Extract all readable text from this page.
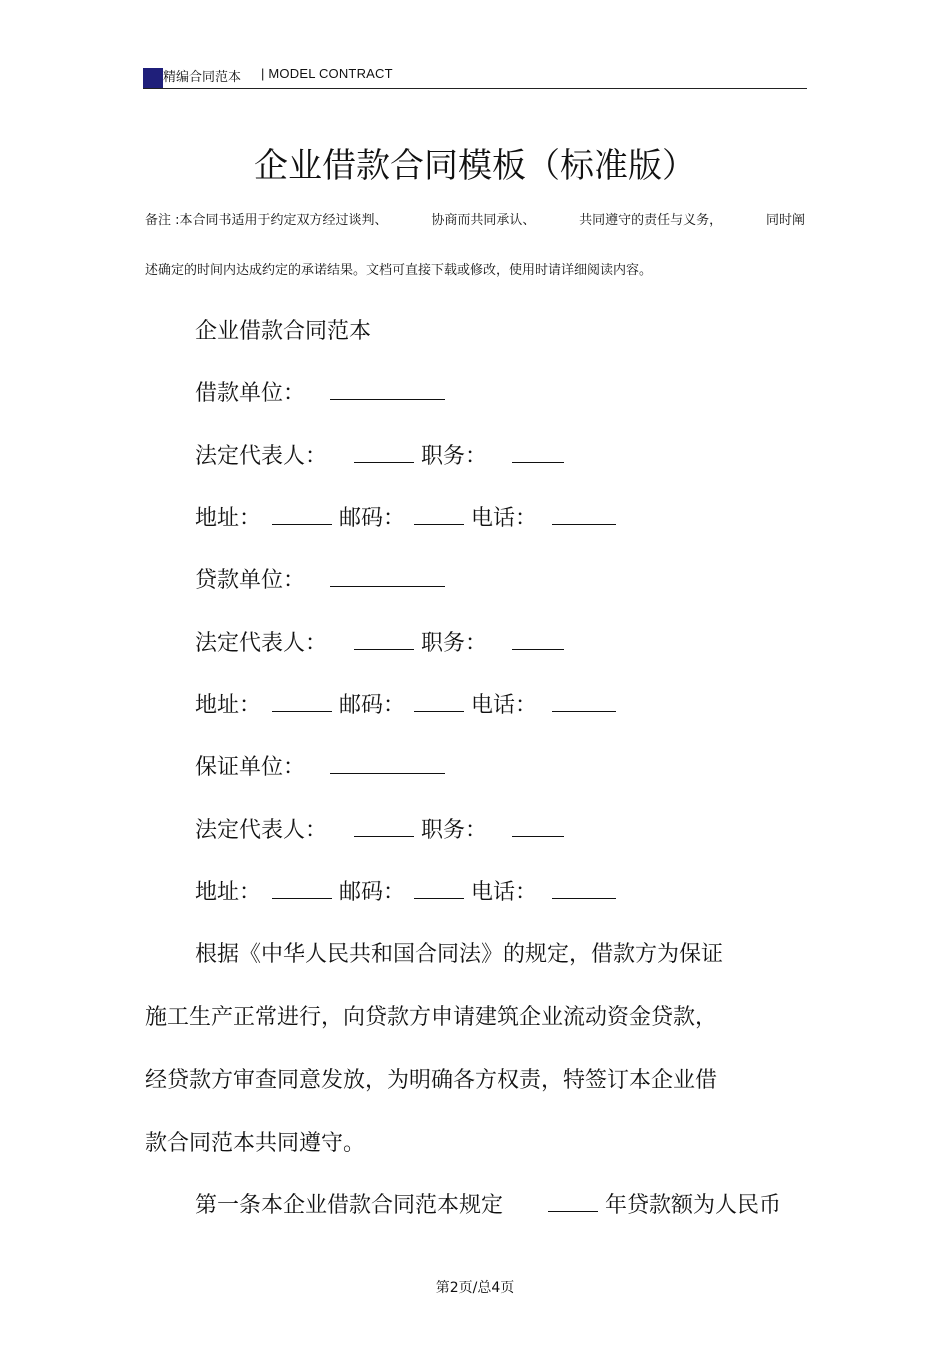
精编合同范本 | MODEL CONTRACT
企业借款合同模板（标准版）
备注 :本合同书适用于约定双方经过谈判、	协商而共同承认、	共同遵守的责任与义务，	同时阐
述确定的时间内达成约定的承诺结果。文档可直接下载或修改，使用时请详细阅读内容。
企业借款合同范本
借款单位：
法定代表人：	职务：
地址：	邮码：	电话：
贷款单位：
法定代表人：	职务：
地址：	邮码：	电话：
保证单位：
法定代表人：	职务：
地址：	邮码：	电话：
根据《中华人民共和国合同法》的规定，借款方为保证
施工生产正常进行，向贷款方申请建筑企业流动资金贷款，
经贷款方审查同意发放，为明确各方权责，特签订本企业借
款合同范本共同遵守。
第一条本企业借款合同范本规定	年贷款额为人民币
第2页/总4页
